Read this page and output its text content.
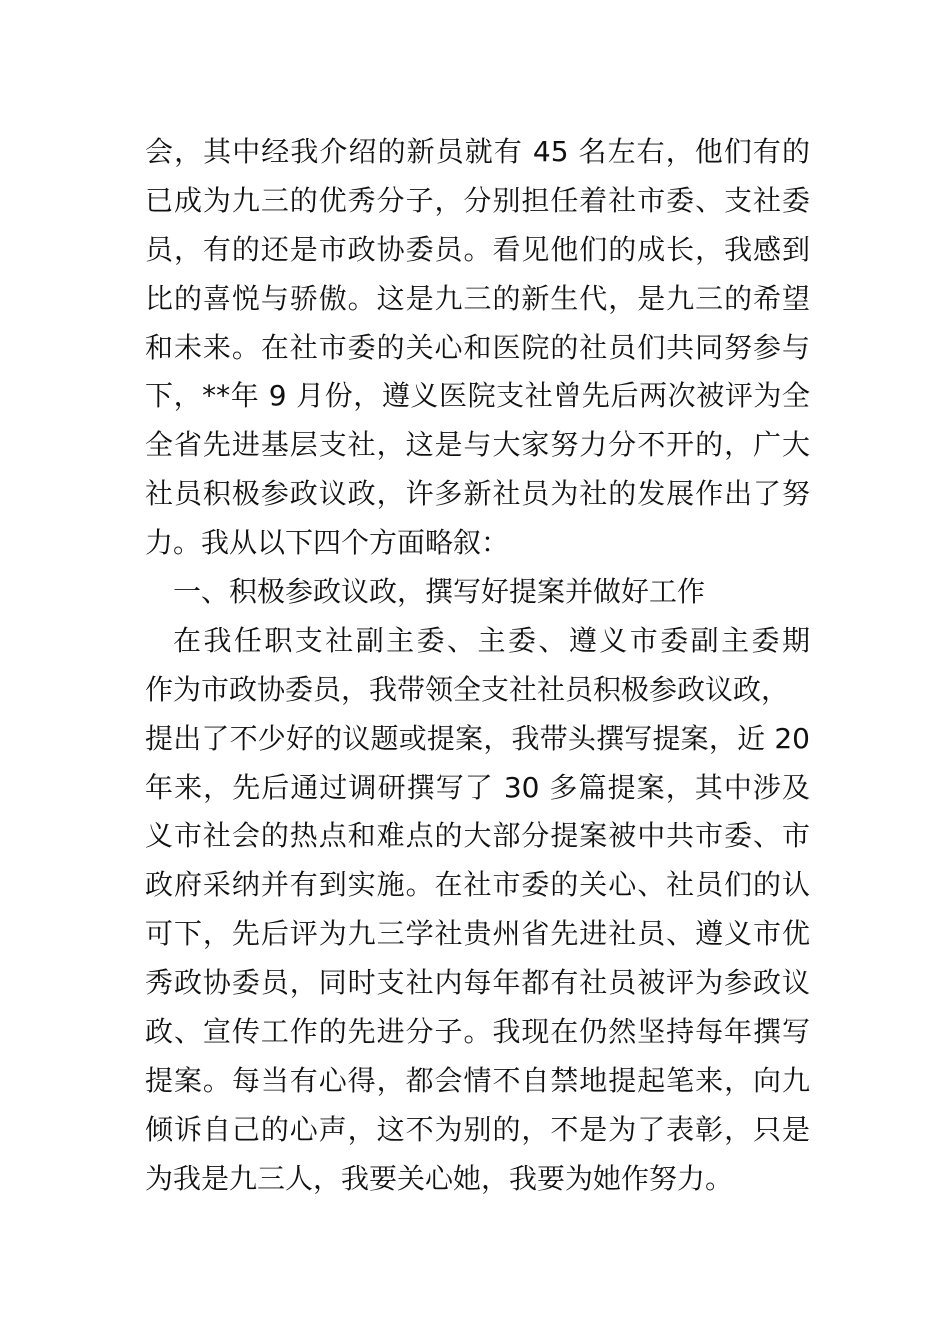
会，其中经我介绍的新员就有 45 名左右，他们有的
已成为九三的优秀分子，分别担任着社市委、支社委
员，有的还是市政协委员。看见他们的成长，我感到
比的喜悦与骄傲。这是九三的新生代，是九三的希望
和未来。在社市委的关心和医院的社员们共同努参与
下，**年 9 月份，遵义医院支社曾先后两次被评为全
全省先进基层支社，这是与大家努力分不开的，广大
社员积极参政议政，许多新社员为社的发展作出了努
力。我从以下四个方面略叙：
一、积极参政议政，撰写好提案并做好工作
在我任职支社副主委、主委、遵义市委副主委期
作为市政协委员，我带领全支社社员积极参政议政，
提出了不少好的议题或提案，我带头撰写提案，近 20
年来，先后通过调研撰写了 30 多篇提案，其中涉及
义市社会的热点和难点的大部分提案被中共市委、市
政府采纳并有到实施。在社市委的关心、社员们的认
可下，先后评为九三学社贵州省先进社员、遵义市优
秀政协委员，同时支社内每年都有社员被评为参政议
政、宣传工作的先进分子。我现在仍然坚持每年撰写
提案。每当有心得，都会情不自禁地提起笔来，向九
倾诉自己的心声，这不为别的，不是为了表彰，只是
为我是九三人，我要关心她，我要为她作努力。
